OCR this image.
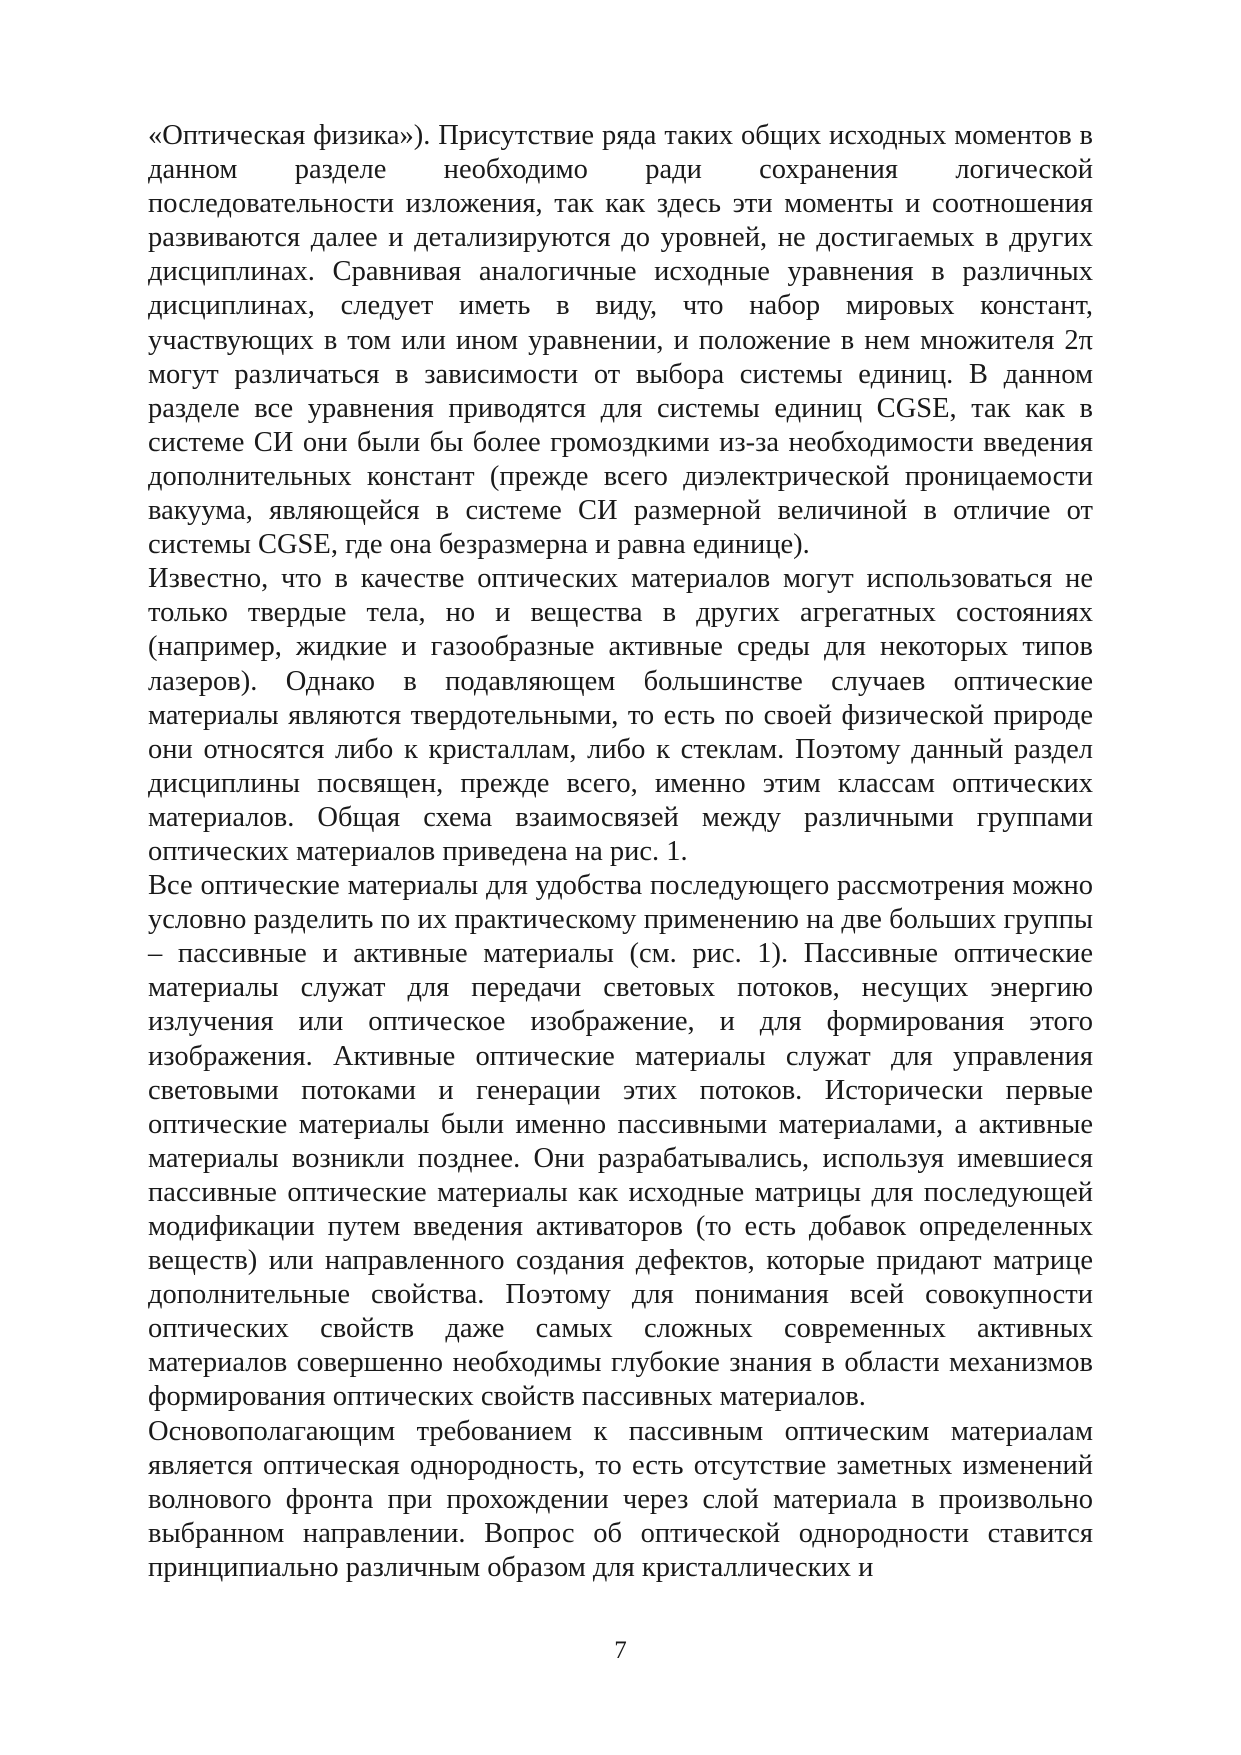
«Оптическая физика»). Присутствие ряда таких общих исходных моментов в данном разделе необходимо ради сохранения логической последовательности изложения, так как здесь эти моменты и соотношения развиваются далее и детализируются до уровней, не достигаемых в других дисциплинах. Сравнивая аналогичные исходные уравнения в различных дисциплинах, следует иметь в виду, что набор мировых констант, участвующих в том или ином уравнении, и положение в нем множителя 2π могут различаться в зависимости от выбора системы единиц. В данном разделе все уравнения приводятся для системы единиц CGSE, так как в системе СИ они были бы более громоздкими из-за необходимости введения дополнительных констант (прежде всего диэлектрической проницаемости вакуума, являющейся в системе СИ размерной величиной в отличие от системы CGSE, где она безразмерна и равна единице).

Известно, что в качестве оптических материалов могут использоваться не только твердые тела, но и вещества в других агрегатных состояниях (например, жидкие и газообразные активные среды для некоторых типов лазеров). Однако в подавляющем большинстве случаев оптические материалы являются твердотельными, то есть по своей физической природе они относятся либо к кристаллам, либо к стеклам. Поэтому данный раздел дисциплины посвящен, прежде всего, именно этим классам оптических материалов. Общая схема взаимосвязей между различными группами оптических материалов приведена на рис. 1.

Все оптические материалы для удобства последующего рассмотрения можно условно разделить по их практическому применению на две больших группы – пассивные и активные материалы (см. рис. 1). Пассивные оптические материалы служат для передачи световых потоков, несущих энергию излучения или оптическое изображение, и для формирования этого изображения. Активные оптические материалы служат для управления световыми потоками и генерации этих потоков. Исторически первые оптические материалы были именно пассивными материалами, а активные материалы возникли позднее. Они разрабатывались, используя имевшиеся пассивные оптические материалы как исходные матрицы для последующей модификации путем введения активаторов (то есть добавок определенных веществ) или направленного создания дефектов, которые придают матрице дополнительные свойства. Поэтому для понимания всей совокупности оптических свойств даже самых сложных современных активных материалов совершенно необходимы глубокие знания в области механизмов формирования оптических свойств пассивных материалов.

Основополагающим требованием к пассивным оптическим материалам является оптическая однородность, то есть отсутствие заметных изменений волнового фронта при прохождении через слой материала в произвольно выбранном направлении. Вопрос об оптической однородности ставится принципиально различным образом для кристаллических и

7
